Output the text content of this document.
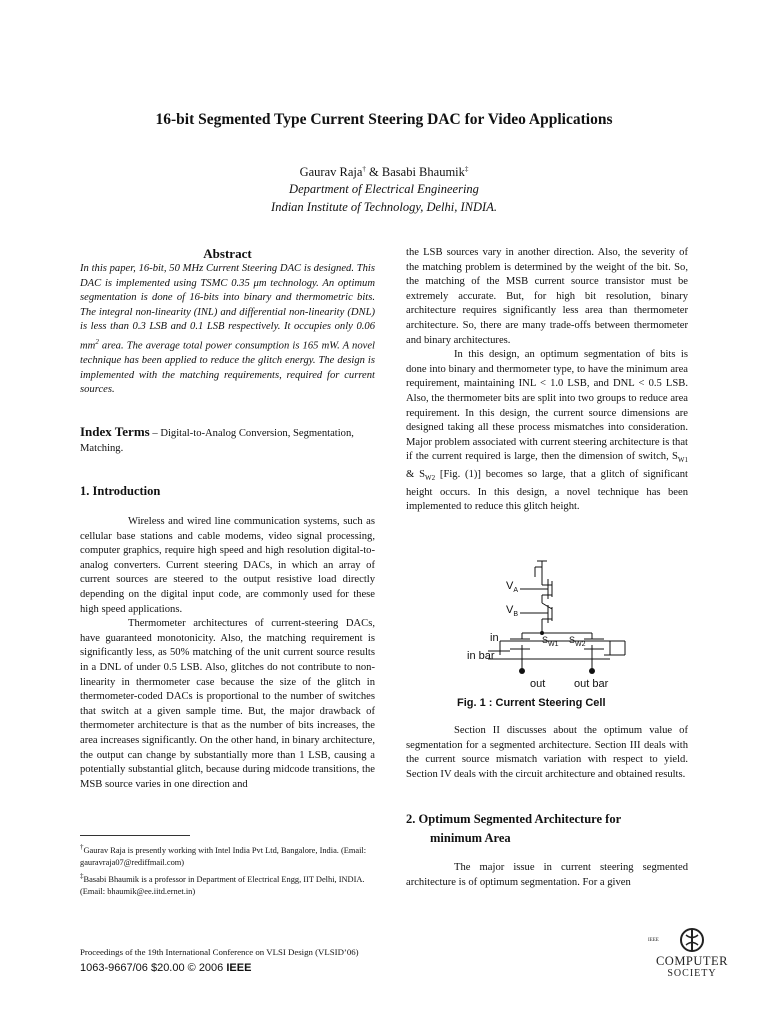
16-bit Segmented Type Current Steering DAC for Video Applications
Gaurav Raja† & Basabi Bhaumik‡
Department of Electrical Engineering
Indian Institute of Technology, Delhi, INDIA.
Abstract
In this paper, 16-bit, 50 MHz Current Steering DAC is designed. This DAC is implemented using TSMC 0.35 μm technology. An optimum segmentation is done of 16-bits into binary and thermometric bits. The integral non-linearity (INL) and differential non-linearity (DNL) is less than 0.3 LSB and 0.1 LSB respectively. It occupies only 0.06 $mm^2$ area. The average total power consumption is 165 mW. A novel technique has been applied to reduce the glitch energy. The design is implemented with the matching requirements, required for current sources.
Index Terms – Digital-to-Analog Conversion, Segmentation, Matching.
1. Introduction

Wireless and wired line communication systems, such as cellular base stations and cable modems, video signal processing, computer graphics, require high speed and high resolution digital-to-analog converters. Current steering DACs, in which an array of current sources are steered to the output resistive load directly depending on the digital input code, are commonly used for these high speed applications.

Thermometer architectures of current-steering DACs, have guaranteed monotonicity. Also, the matching requirement is significantly less, as 50% matching of the unit current source results in a DNL of under 0.5 LSB. Also, glitches do not contribute to non-linearity in thermometer case because the size of the glitch in thermometer-coded DACs is proportional to the number of switches that switch at a given sample time. But, the major drawback of thermometer architecture is that as the number of bits increases, the area increases significantly. On the other hand, in binary architecture, the output can change by substantially more than 1 LSB, causing a potentially substantial glitch, because during midcode transitions, the MSB source varies in one direction and

†Gaurav Raja is presently working with Intel India Pvt Ltd, Bangalore, India. (Email: gauravraja07@rediffmail.com)
‡Basabi Bhaumik is a professor in Department of Electrical Engg, IIT Delhi, INDIA. (Email: bhaumik@ee.iitd.ernet.in)

the LSB sources vary in another direction. Also, the severity of the matching problem is determined by the weight of the bit. So, the matching of the MSB current source transistor must be extremely accurate. But, for high bit resolution, binary architecture requires significantly less area than thermometer architecture. So, there are many trade-offs between thermometer and binary architectures.

In this design, an optimum segmentation of bits is done into binary and thermometer type, to have the minimum area requirement, maintaining INL < 1.0 LSB, and DNL < 0.5 LSB. Also, the thermometer bits are split into two groups to reduce area requirement. In this design, the current source dimensions are designed taking all these process mismatches into consideration. Major problem associated with current steering architecture is that if the current required is large, then the dimension of switch, $S_{W1}$ & $S_{W2}$ [Fig. (1)] becomes so large, that a glitch of significant height occurs. In this design, a novel technique has been implemented to reduce this glitch height.

$V_A$
$V_B$
in
in bar
$S_{W1}$ $S_{W2}$
out	out bar
Fig. 1 : Current Steering Cell

Section II discusses about the optimum value of segmentation for a segmented architecture. Section III deals with the current source mismatch variation with respect to yield. Section IV deals with the circuit architecture and obtained results.

2. Optimum Segmented Architecture for
minimum Area

The major issue in current steering segmented architecture is of optimum segmentation. For a given

Proceedings of the 19th International Conference on VLSI Design (VLSID’06)
1063-9667/06 $20.00 © 2006 IEEE
IEEE
COMPUTER
SOCIETY
